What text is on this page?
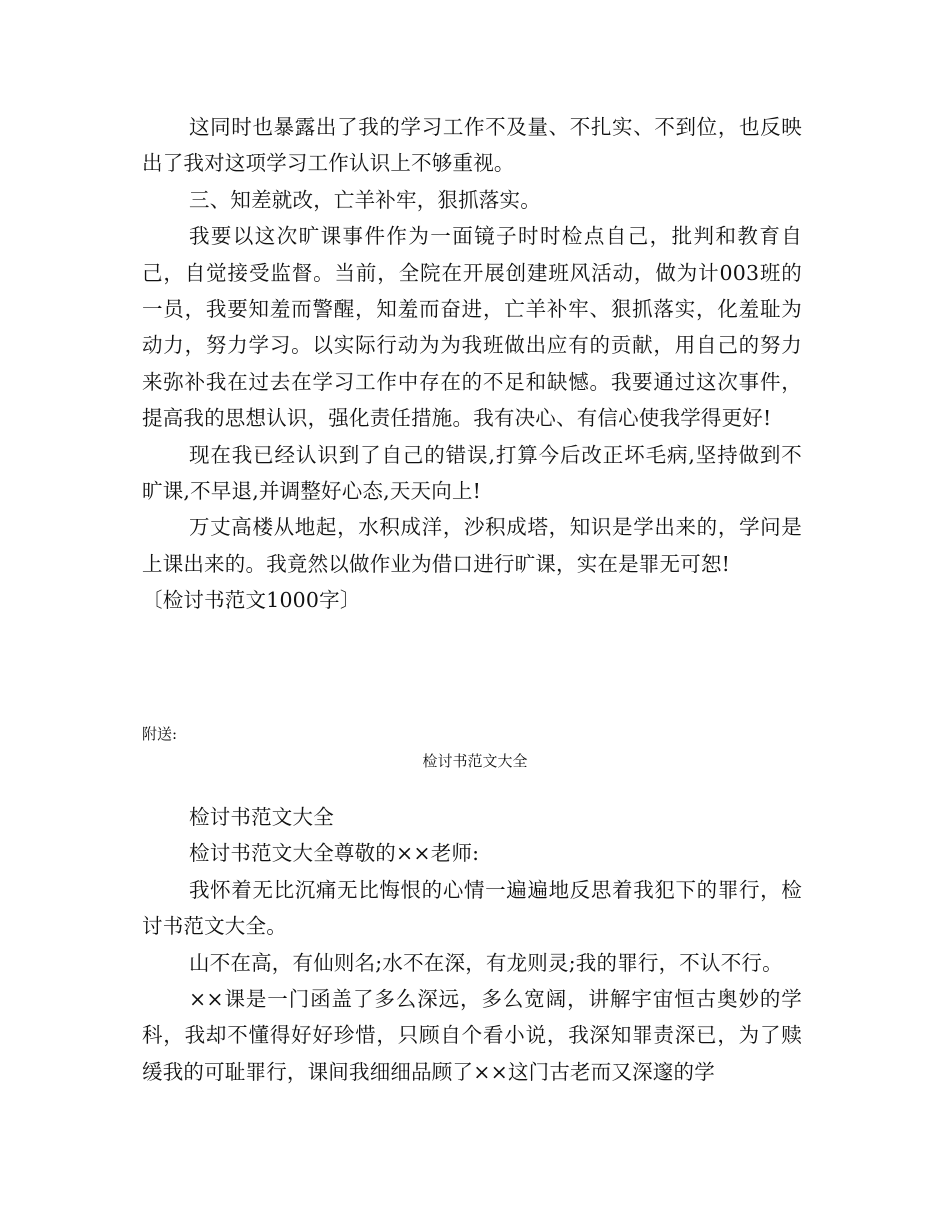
这同时也暴露出了我的学习工作不及量、不扎实、不到位，也反映出了我对这项学习工作认识上不够重视。

三、知差就改，亡羊补牢，狠抓落实。

我要以这次旷课事件作为一面镜子时时检点自己，批判和教育自己，自觉接受监督。当前，全院在开展创建班风活动，做为计003班的一员，我要知羞而警醒，知羞而奋进，亡羊补牢、狠抓落实，化羞耻为动力，努力学习。以实际行动为为我班做出应有的贡献，用自己的努力来弥补我在过去在学习工作中存在的不足和缺憾。我要通过这次事件，提高我的思想认识，强化责任措施。我有决心、有信心使我学得更好!

现在我已经认识到了自己的错误,打算今后改正坏毛病,坚持做到不旷课,不早退,并调整好心态,天天向上!

万丈高楼从地起，水积成洋，沙积成塔，知识是学出来的，学问是上课出来的。我竟然以做作业为借口进行旷课，实在是罪无可恕!

〔检讨书范文1000字〕

附送:

检讨书范文大全

检讨书范文大全

检讨书范文大全尊敬的××老师:

我怀着无比沉痛无比悔恨的心情一遍遍地反思着我犯下的罪行，检讨书范文大全。

山不在高，有仙则名;水不在深，有龙则灵;我的罪行，不认不行。

××课是一门函盖了多么深远，多么宽阔，讲解宇宙恒古奥妙的学科，我却不懂得好好珍惜，只顾自个看小说，我深知罪责深已，为了赎缓我的可耻罪行，课间我细细品顾了××这门古老而又深邃的学
